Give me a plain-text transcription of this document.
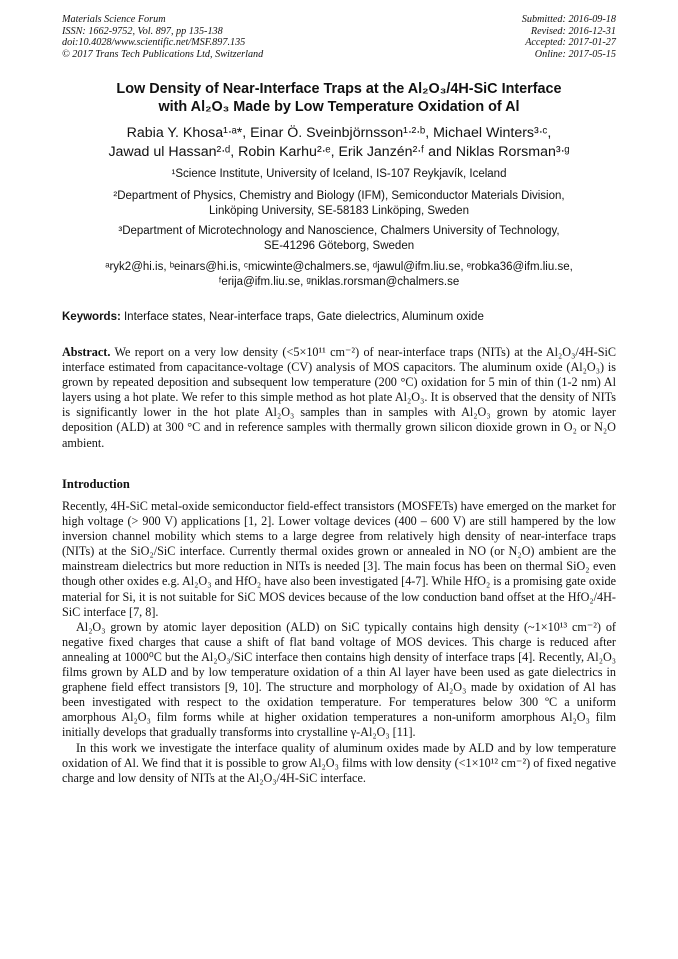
Materials Science Forum
ISSN: 1662-9752, Vol. 897, pp 135-138
doi:10.4028/www.scientific.net/MSF.897.135
© 2017 Trans Tech Publications Ltd, Switzerland
Submitted: 2016-09-18
Revised: 2016-12-31
Accepted: 2017-01-27
Online: 2017-05-15
Low Density of Near-Interface Traps at the Al₂O₃/4H-SiC Interface
with Al₂O₃ Made by Low Temperature Oxidation of Al
Rabia Y. Khosa¹ᐧᵃ*, Einar Ö. Sveinbjörnsson¹ᐧ²ᐧᵇ, Michael Winters³ᐧᶜ,
Jawad ul Hassan²ᐧᵈ, Robin Karhu²ᐧᵉ, Erik Janzén²ᐧᶠ and Niklas Rorsman³ᐧᵍ
¹Science Institute, University of Iceland, IS-107 Reykjavík, Iceland
²Department of Physics, Chemistry and Biology (IFM), Semiconductor Materials Division,
Linköping University, SE-58183 Linköping, Sweden
³Department of Microtechnology and Nanoscience, Chalmers University of Technology,
SE-41296 Göteborg, Sweden
ᵃryk2@hi.is, ᵇeinars@hi.is, ᶜmicwinte@chalmers.se, ᵈjawul@ifm.liu.se, ᵉrobka36@ifm.liu.se,
ᶠerija@ifm.liu.se, ᵍniklas.rorsman@chalmers.se
Keywords: Interface states, Near-interface traps, Gate dielectrics, Aluminum oxide
Abstract. We report on a very low density (<5×10¹¹ cm⁻²) of near-interface traps (NITs) at the Al₂O₃/4H-SiC interface estimated from capacitance-voltage (CV) analysis of MOS capacitors. The aluminum oxide (Al₂O₃) is grown by repeated deposition and subsequent low temperature (200 °C) oxidation for 5 min of thin (1-2 nm) Al layers using a hot plate. We refer to this simple method as hot plate Al₂O₃. It is observed that the density of NITs is significantly lower in the hot plate Al₂O₃ samples than in samples with Al₂O₃ grown by atomic layer deposition (ALD) at 300 °C and in reference samples with thermally grown silicon dioxide grown in O₂ or N₂O ambient.
Introduction

Recently, 4H-SiC metal-oxide semiconductor field-effect transistors (MOSFETs) have emerged on the market for high voltage (> 900 V) applications [1, 2]. Lower voltage devices (400 – 600 V) are still hampered by the low inversion channel mobility which stems to a large degree from relatively high density of near-interface traps (NITs) at the SiO₂/SiC interface. Currently thermal oxides grown or annealed in NO (or N₂O) ambient are the mainstream dielectrics but more reduction in NITs is needed [3]. The main focus has been on thermal SiO₂ even though other oxides e.g. Al₂O₃ and HfO₂ have also been investigated [4-7]. While HfO₂ is a promising gate oxide material for Si, it is not suitable for SiC MOS devices because of the low conduction band offset at the HfO₂/4H-SiC interface [7, 8].

Al₂O₃ grown by atomic layer deposition (ALD) on SiC typically contains high density (~1×10¹³ cm⁻²) of negative fixed charges that cause a shift of flat band voltage of MOS devices. This charge is reduced after annealing at 1000⁰C but the Al₂O₃/SiC interface then contains high density of interface traps [4]. Recently, Al₂O₃ films grown by ALD and by low temperature oxidation of a thin Al layer have been used as gate dielectrics in graphene field effect transistors [9, 10]. The structure and morphology of Al₂O₃ made by oxidation of Al has been investigated with respect to the oxidation temperature. For temperatures below 300 ºC a uniform amorphous Al₂O₃ film forms while at higher oxidation temperatures a non-uniform amorphous Al₂O₃ film initially develops that gradually transforms into crystalline γ-Al₂O₃ [11].

In this work we investigate the interface quality of aluminum oxides made by ALD and by low temperature oxidation of Al. We find that it is possible to grow Al₂O₃ films with low density (<1×10¹² cm⁻²) of fixed negative charge and low density of NITs at the Al₂O₃/4H-SiC interface.
